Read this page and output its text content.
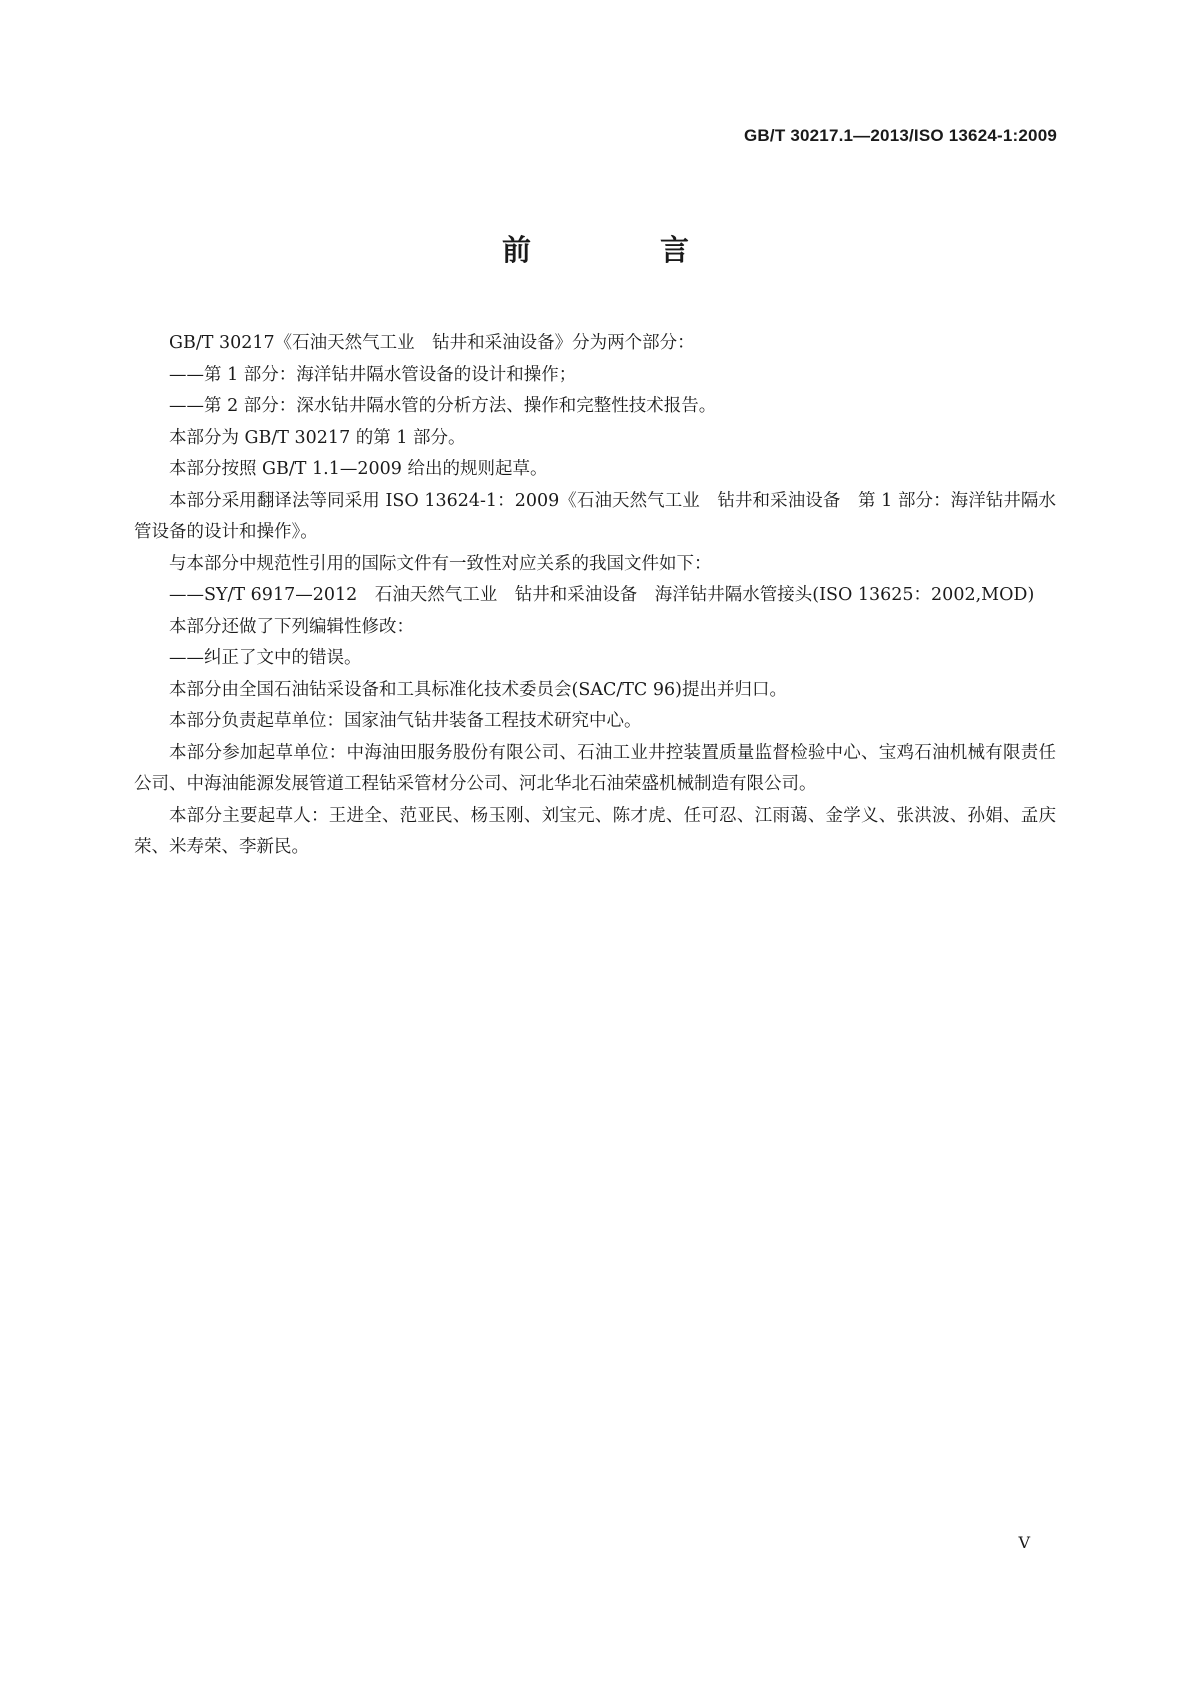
GB/T 30217.1—2013/ISO 13624-1:2009
前　言

GB/T 30217《石油天然气工业　钻井和采油设备》分为两个部分：

——第 1 部分：海洋钻井隔水管设备的设计和操作；

——第 2 部分：深水钻井隔水管的分析方法、操作和完整性技术报告。

本部分为 GB/T 30217 的第 1 部分。

本部分按照 GB/T 1.1—2009 给出的规则起草。

本部分采用翻译法等同采用 ISO 13624-1：2009《石油天然气工业　钻井和采油设备　第 1 部分：海洋钻井隔水管设备的设计和操作》。

与本部分中规范性引用的国际文件有一致性对应关系的我国文件如下：

——SY/T 6917—2012　石油天然气工业　钻井和采油设备　海洋钻井隔水管接头(ISO 13625：2002,MOD)

本部分还做了下列编辑性修改：

——纠正了文中的错误。

本部分由全国石油钻采设备和工具标准化技术委员会(SAC/TC 96)提出并归口。

本部分负责起草单位：国家油气钻井装备工程技术研究中心。

本部分参加起草单位：中海油田服务股份有限公司、石油工业井控装置质量监督检验中心、宝鸡石油机械有限责任公司、中海油能源发展管道工程钻采管材分公司、河北华北石油荣盛机械制造有限公司。

本部分主要起草人：王进全、范亚民、杨玉刚、刘宝元、陈才虎、任可忍、江雨蔼、金学义、张洪波、孙娟、孟庆荣、米寿荣、李新民。

V
